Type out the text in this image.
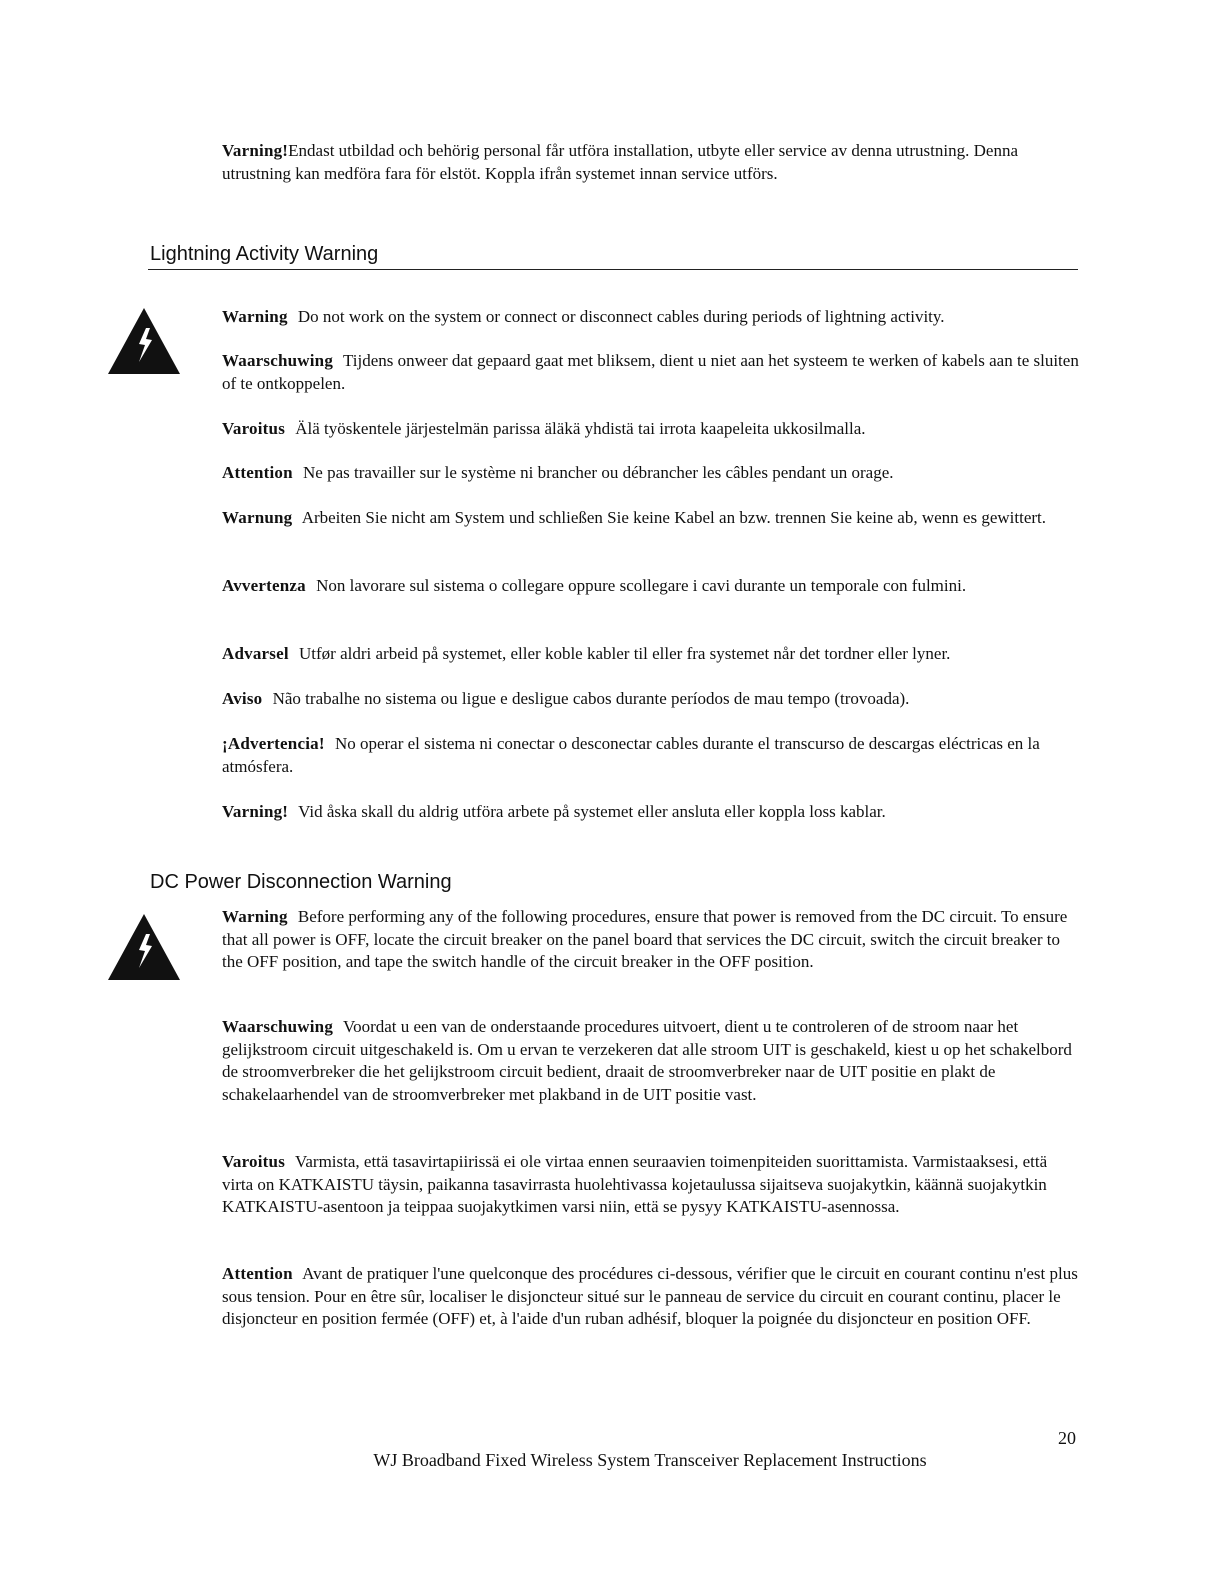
Varning!Endast utbildad och behörig personal får utföra installation, utbyte eller service av denna utrustning. Denna utrustning kan medföra fara för elstöt. Koppla ifrån systemet innan service utförs.

Lightning Activity Warning

Warning Do not work on the system or connect or disconnect cables during periods of lightning activity.

Waarschuwing Tijdens onweer dat gepaard gaat met bliksem, dient u niet aan het systeem te werken of kabels aan te sluiten of te ontkoppelen.

Varoitus Älä työskentele järjestelmän parissa äläkä yhdistä tai irrota kaapeleita ukkosilmalla.

Attention Ne pas travailler sur le système ni brancher ou débrancher les câbles pendant un orage.

Warnung Arbeiten Sie nicht am System und schließen Sie keine Kabel an bzw. trennen Sie keine ab, wenn es gewittert.

Avvertenza Non lavorare sul sistema o collegare oppure scollegare i cavi durante un temporale con fulmini.

Advarsel Utfør aldri arbeid på systemet, eller koble kabler til eller fra systemet når det tordner eller lyner.

Aviso Não trabalhe no sistema ou ligue e desligue cabos durante períodos de mau tempo (trovoada).

¡Advertencia! No operar el sistema ni conectar o desconectar cables durante el transcurso de descargas eléctricas en la atmósfera.

Varning! Vid åska skall du aldrig utföra arbete på systemet eller ansluta eller koppla loss kablar.

DC Power Disconnection Warning

Warning Before performing any of the following procedures, ensure that power is removed from the DC circuit. To ensure that all power is OFF, locate the circuit breaker on the panel board that services the DC circuit, switch the circuit breaker to the OFF position, and tape the switch handle of the circuit breaker in the OFF position.

Waarschuwing Voordat u een van de onderstaande procedures uitvoert, dient u te controleren of de stroom naar het gelijkstroom circuit uitgeschakeld is. Om u ervan te verzekeren dat alle stroom UIT is geschakeld, kiest u op het schakelbord de stroomverbreker die het gelijkstroom circuit bedient, draait de stroomverbreker naar de UIT positie en plakt de schakelaarhendel van de stroomverbreker met plakband in de UIT positie vast.

Varoitus Varmista, että tasavirtapiirissä ei ole virtaa ennen seuraavien toimenpiteiden suorittamista. Varmistaaksesi, että virta on KATKAISTU täysin, paikanna tasavirrasta huolehtivassa kojetaulussa sijaitseva suojakytkin, käännä suojakytkin KATKAISTU-asentoon ja teippaa suojakytkimen varsi niin, että se pysyy KATKAISTU-asennossa.

Attention Avant de pratiquer l'une quelconque des procédures ci-dessous, vérifier que le circuit en courant continu n'est plus sous tension. Pour en être sûr, localiser le disjoncteur situé sur le panneau de service du circuit en courant continu, placer le disjoncteur en position fermée (OFF) et, à l'aide d'un ruban adhésif, bloquer la poignée du disjoncteur en position OFF.

20
WJ Broadband Fixed Wireless System Transceiver Replacement Instructions
